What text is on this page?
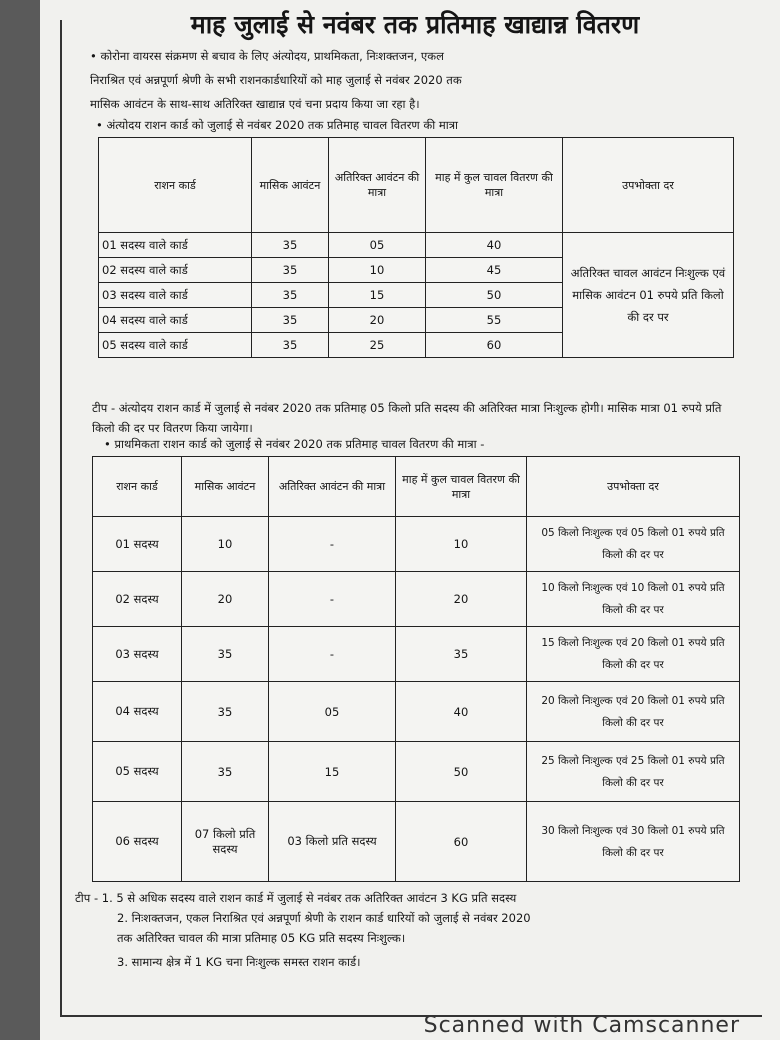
माह जुलाई से नवंबर तक प्रतिमाह खाद्यान्न वितरण

• कोरोना वायरस संक्रमण से बचाव के लिए अंत्योदय, प्राथमिकता, निःशक्तजन, एकल

निराश्रित एवं अन्नपूर्णा श्रेणी के सभी राशनकार्डधारियों को माह जुलाई से नवंबर 2020 तक

मासिक आवंटन के साथ-साथ अतिरिक्त खाद्यान्न एवं चना प्रदाय किया जा रहा है।

• अंत्योदय राशन कार्ड को जुलाई से नवंबर 2020 तक प्रतिमाह चावल वितरण की मात्रा
राशन कार्ड	मासिक आवंटन	अतिरिक्त आवंटन की मात्रा	माह में कुल चावल वितरण की मात्रा	उपभोक्ता दर
01 सदस्य वाले कार्ड	35	05	40	अतिरिक्त चावल आवंटन निःशुल्क एवं मासिक आवंटन 01 रुपये प्रति किलो की दर पर
02 सदस्य वाले कार्ड	35	10	45	
03 सदस्य वाले कार्ड	35	15	50	
04 सदस्य वाले कार्ड	35	20	55	
05 सदस्य वाले कार्ड	35	25	60	
टीप - अंत्योदय राशन कार्ड में जुलाई से नवंबर 2020 तक प्रतिमाह 05 किलो प्रति सदस्य की अतिरिक्त मात्रा निःशुल्क होगी। मासिक मात्रा 01 रुपये प्रति किलो की दर पर वितरण किया जायेगा।
• प्राथमिकता राशन कार्ड को जुलाई से नवंबर 2020 तक प्रतिमाह चावल वितरण की मात्रा -
राशन कार्ड	मासिक आवंटन	अतिरिक्त आवंटन की मात्रा	माह में कुल चावल वितरण की मात्रा	उपभोक्ता दर
01 सदस्य	10	-	10	05 किलो निःशुल्क एवं 05 किलो 01 रुपये प्रति किलो की दर पर
02 सदस्य	20	-	20	10 किलो निःशुल्क एवं 10 किलो 01 रुपये प्रति किलो की दर पर
03 सदस्य	35	-	35	15 किलो निःशुल्क एवं 20 किलो 01 रुपये प्रति किलो की दर पर
04 सदस्य	35	05	40	20 किलो निःशुल्क एवं 20 किलो 01 रुपये प्रति किलो की दर पर
05 सदस्य	35	15	50	25 किलो निःशुल्क एवं 25 किलो 01 रुपये प्रति किलो की दर पर
06 सदस्य	07 किलो प्रति सदस्य	03 किलो प्रति सदस्य	60	30 किलो निःशुल्क एवं 30 किलो 01 रुपये प्रति किलो की दर पर
टीप - 1. 5 से अधिक सदस्य वाले राशन कार्ड में जुलाई से नवंबर तक अतिरिक्त आवंटन 3 KG प्रति सदस्य
2. निःशक्तजन, एकल निराश्रित एवं अन्नपूर्णा श्रेणी के राशन कार्ड धारियों को जुलाई से नवंबर 2020
तक अतिरिक्त चावल की मात्रा प्रतिमाह 05 KG प्रति सदस्य निःशुल्क।
3. सामान्य क्षेत्र में 1 KG चना निःशुल्क समस्त राशन कार्ड।
Scanned with Camscanner
